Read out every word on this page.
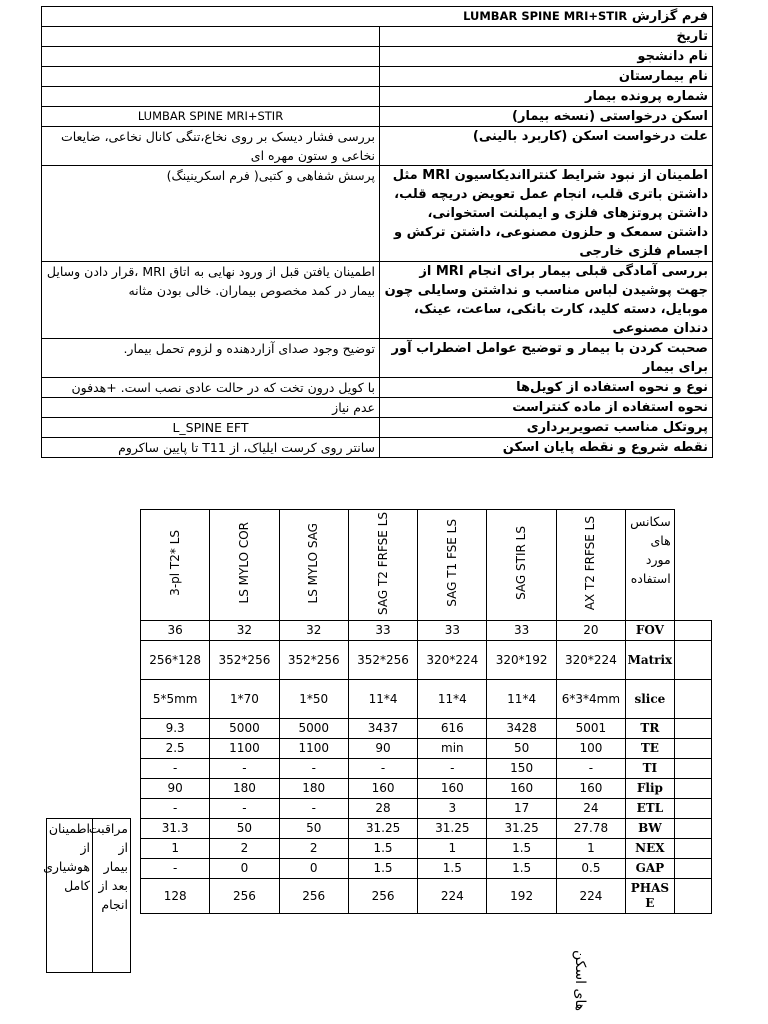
فرم گزارش LUMBAR SPINE MRI+STIR	
	تاریخ
	نام دانشجو
	نام بیمارستان
	شماره پرونده بیمار
LUMBAR SPINE MRI+STIR	اسکن درخواستی (نسخه بیمار)
بررسی فشار دیسک بر روی نخاع،تنگی کانال نخاعی، ضایعات نخاعی و ستون مهره ای	علت درخواست اسکن (کاربرد بالینی)
پرسش شفاهی و کتبی( فرم اسکرینینگ)	اطمینان از نبود شرایط کنترااندیکاسیون MRI مثل داشتن باتری قلب، انجام عمل تعویض دریچه قلب، داشتن پروتزهای فلزی و ایمپلنت استخوانی، داشتن سمعک و حلزون مصنوعی، داشتن ترکش و اجسام فلزی خارجی
اطمینان یافتن قبل از ورود نهایی به اتاق MRI ،قرار دادن وسایل بیمار در کمد مخصوص بیماران. خالی بودن مثانه	بررسی آمادگی قبلی بیمار برای انجام MRI از جهت پوشیدن لباس مناسب و نداشتن وسایلی چون موبایل، دسته کلید، کارت بانکی، ساعت، عینک، دندان مصنوعی
توضیح وجود صدای آزاردهنده و لزوم تحمل بیمار.	صحبت کردن با بیمار و توضیح عوامل اضطراب آور برای بیمار
با کویل درون تخت که در حالت عادی نصب است. +هدفون	نوع و نحوه استفاده از کویل‌ها
عدم نیاز	نحوه استفاده از ماده کنتراست
L_SPINE EFT	پروتکل مناسب تصویربرداری
سانتر روی کرست ایلیاک، از T11 تا پایین ساکروم	نقطه شروع و نقطه پایان اسکن
3-pl T2* LS	LS MYLO COR	LS MYLO SAG	SAG T2 FRFSE LS	SAG T1 FSE LS	SAG STIR LS	AX T2 FRFSE LS	سکانس های مورد استفاده	
36	32	32	33	33	33	20	FOV	
256*128	352*256	352*256	352*256	320*224	320*192	320*224	Matrix	
5*5mm	1*70	1*50	11*4	11*4	11*4	6*3*4mm	slice	
9.3	5000	5000	3437	616	3428	5001	TR	
2.5	1100	1100	90	min	50	100	TE	
-	-	-	-	-	150	-	TI	
90	180	180	160	160	160	160	Flip	
-	-	-	28	3	17	24	ETL	
31.3	50	50	31.25	31.25	31.25	27.78	BW	
1	2	2	1.5	1	1.5	1	NEX	
-	0	0	1.5	1.5	1.5	0.5	GAP	
128	256	256	256	224	192	224	PHASE	
اطمینان از هوشیاری کامل	مراقبت از بیمار بعد از انجام
های اسکن
